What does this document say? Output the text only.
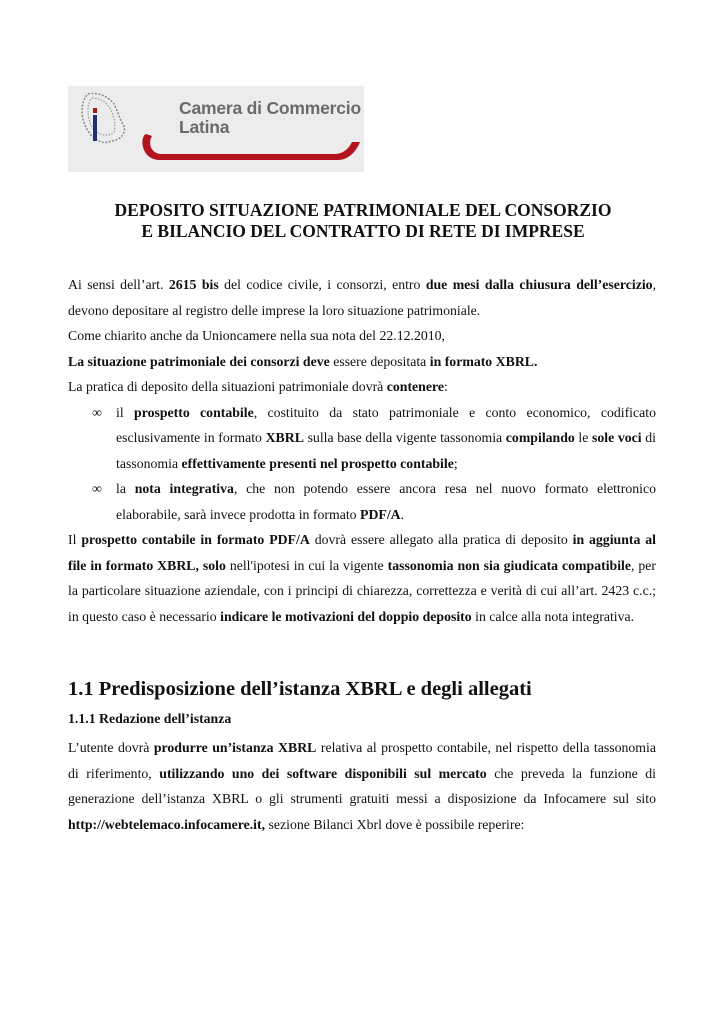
Camera di Commercio
Latina
DEPOSITO SITUAZIONE PATRIMONIALE DEL CONSORZIO
E BILANCIO DEL CONTRATTO DI RETE DI IMPRESE

Ai sensi dell’art. 2615 bis del codice civile, i consorzi, entro due mesi dalla chiusura dell’esercizio, devono depositare al registro delle imprese la loro situazione patrimoniale.

Come chiarito anche da Unioncamere nella sua nota del 22.12.2010,

La situazione patrimoniale dei consorzi deve essere depositata in formato XBRL.

La pratica di deposito della situazioni patrimoniale dovrà contenere:

∞ il prospetto contabile, costituito da stato patrimoniale e conto economico, codificato esclusivamente in formato XBRL sulla base della vigente tassonomia compilando le sole voci di tassonomia effettivamente presenti nel prospetto contabile;

∞ la nota integrativa, che non potendo essere ancora resa nel nuovo formato elettronico elaborabile, sarà invece prodotta in formato PDF/A.

Il prospetto contabile in formato PDF/A dovrà essere allegato alla pratica di deposito in aggiunta al file in formato XBRL, solo nell'ipotesi in cui la vigente tassonomia non sia giudicata compatibile, per la particolare situazione aziendale, con i principi di chiarezza, correttezza e verità di cui all’art. 2423 c.c.; in questo caso è necessario indicare le motivazioni del doppio deposito in calce alla nota integrativa.

1.1 Predisposizione dell’istanza XBRL e degli allegati
1.1.1 Redazione dell’istanza

L’utente dovrà produrre un’istanza XBRL relativa al prospetto contabile, nel rispetto della tassonomia di riferimento, utilizzando uno dei software disponibili sul mercato che preveda la funzione di generazione dell’istanza XBRL o gli strumenti gratuiti messi a disposizione da Infocamere sul sito http://webtelemaco.infocamere.it, sezione Bilanci Xbrl dove è possibile reperire:
